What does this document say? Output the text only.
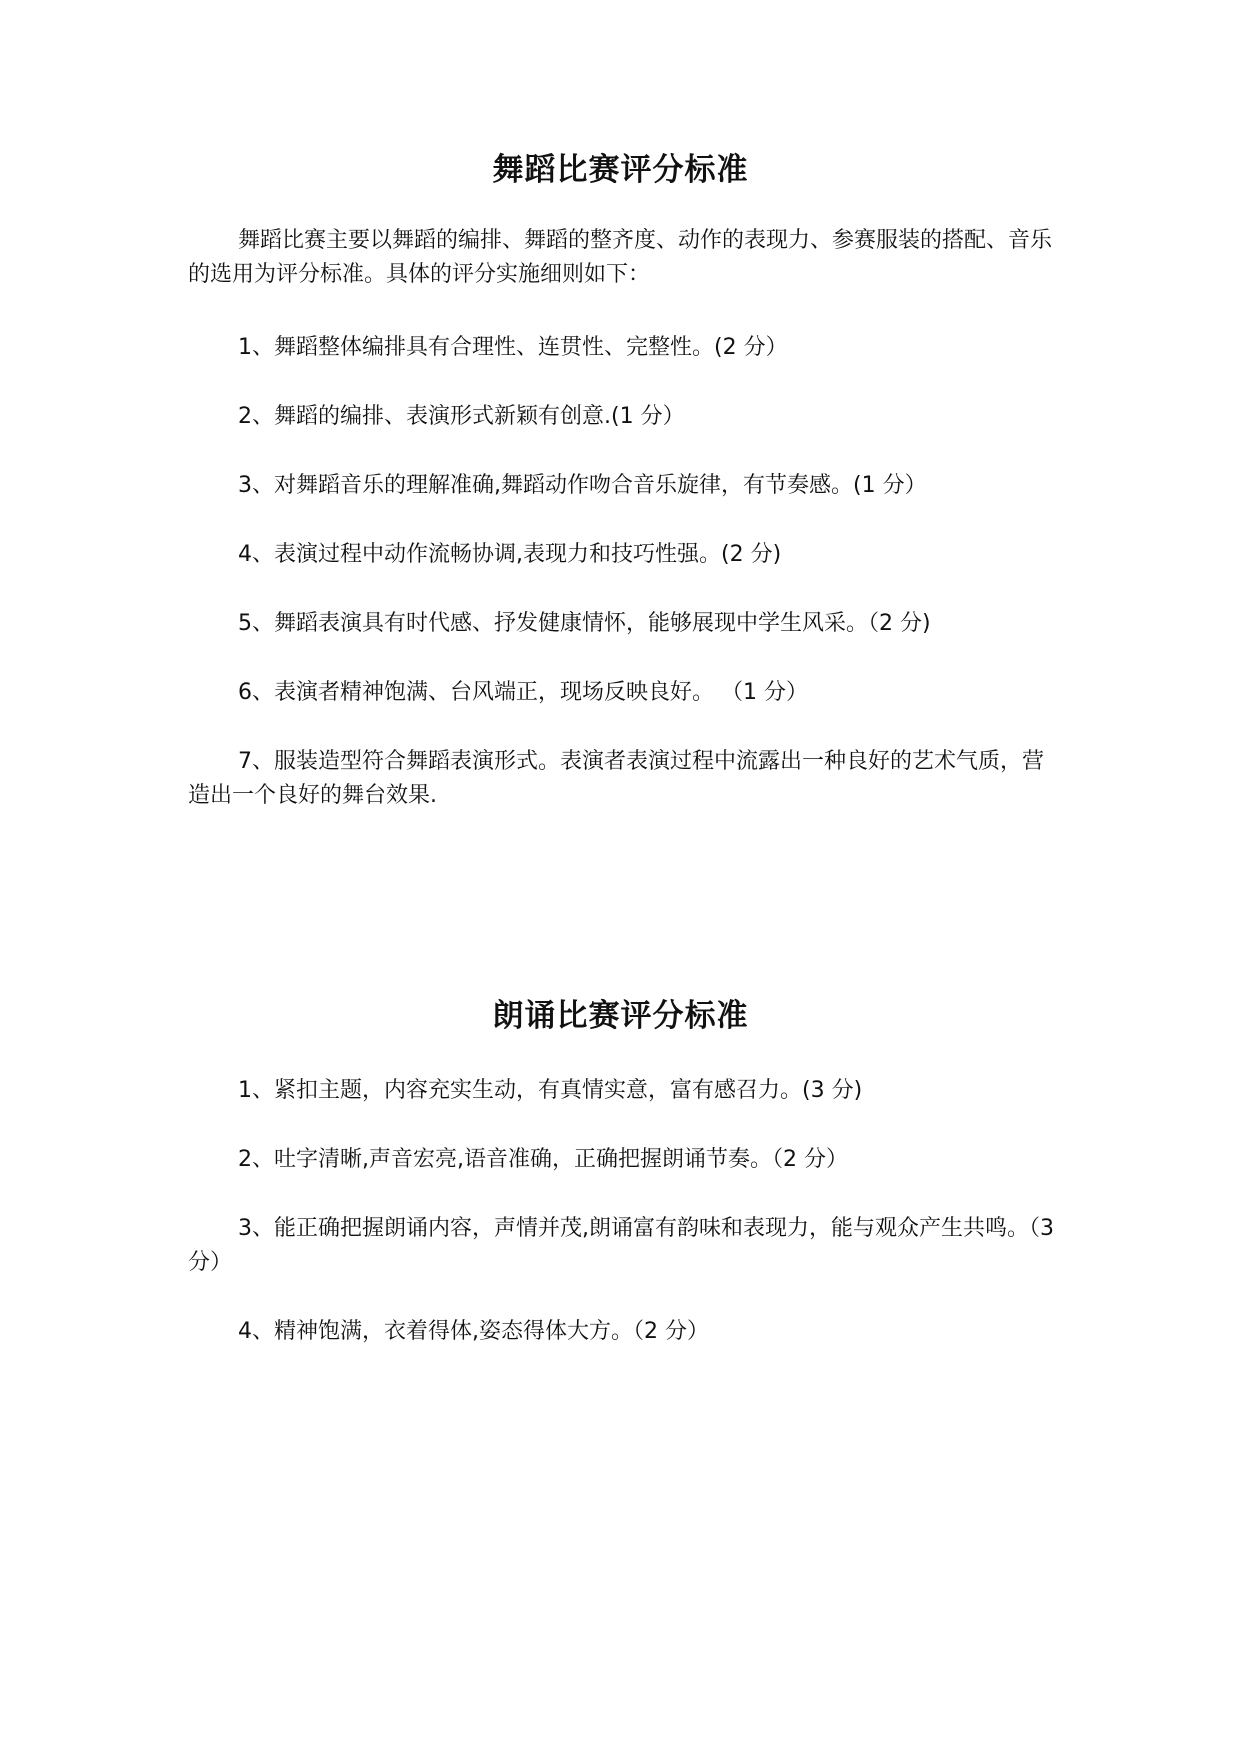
舞蹈比赛评分标准
舞蹈比赛主要以舞蹈的编排、舞蹈的整齐度、动作的表现力、参赛服装的搭配、音乐的选用为评分标准。具体的评分实施细则如下：
1、舞蹈整体编排具有合理性、连贯性、完整性。(2 分）
2、舞蹈的编排、表演形式新颖有创意.(1 分）
3、对舞蹈音乐的理解准确,舞蹈动作吻合音乐旋律，有节奏感。(1 分）
4、表演过程中动作流畅协调,表现力和技巧性强。(2 分)
5、舞蹈表演具有时代感、抒发健康情怀，能够展现中学生风采。（2 分)
6、表演者精神饱满、台风端正，现场反映良好。 （1 分）
7、服装造型符合舞蹈表演形式。表演者表演过程中流露出一种良好的艺术气质，营造出一个良好的舞台效果.
朗诵比赛评分标准
1、紧扣主题，内容充实生动，有真情实意，富有感召力。(3 分)
2、吐字清晰,声音宏亮,语音准确，正确把握朗诵节奏。（2 分）
3、能正确把握朗诵内容，声情并茂,朗诵富有韵味和表现力，能与观众产生共鸣。（3 分）
4、精神饱满，衣着得体,姿态得体大方。（2 分）
